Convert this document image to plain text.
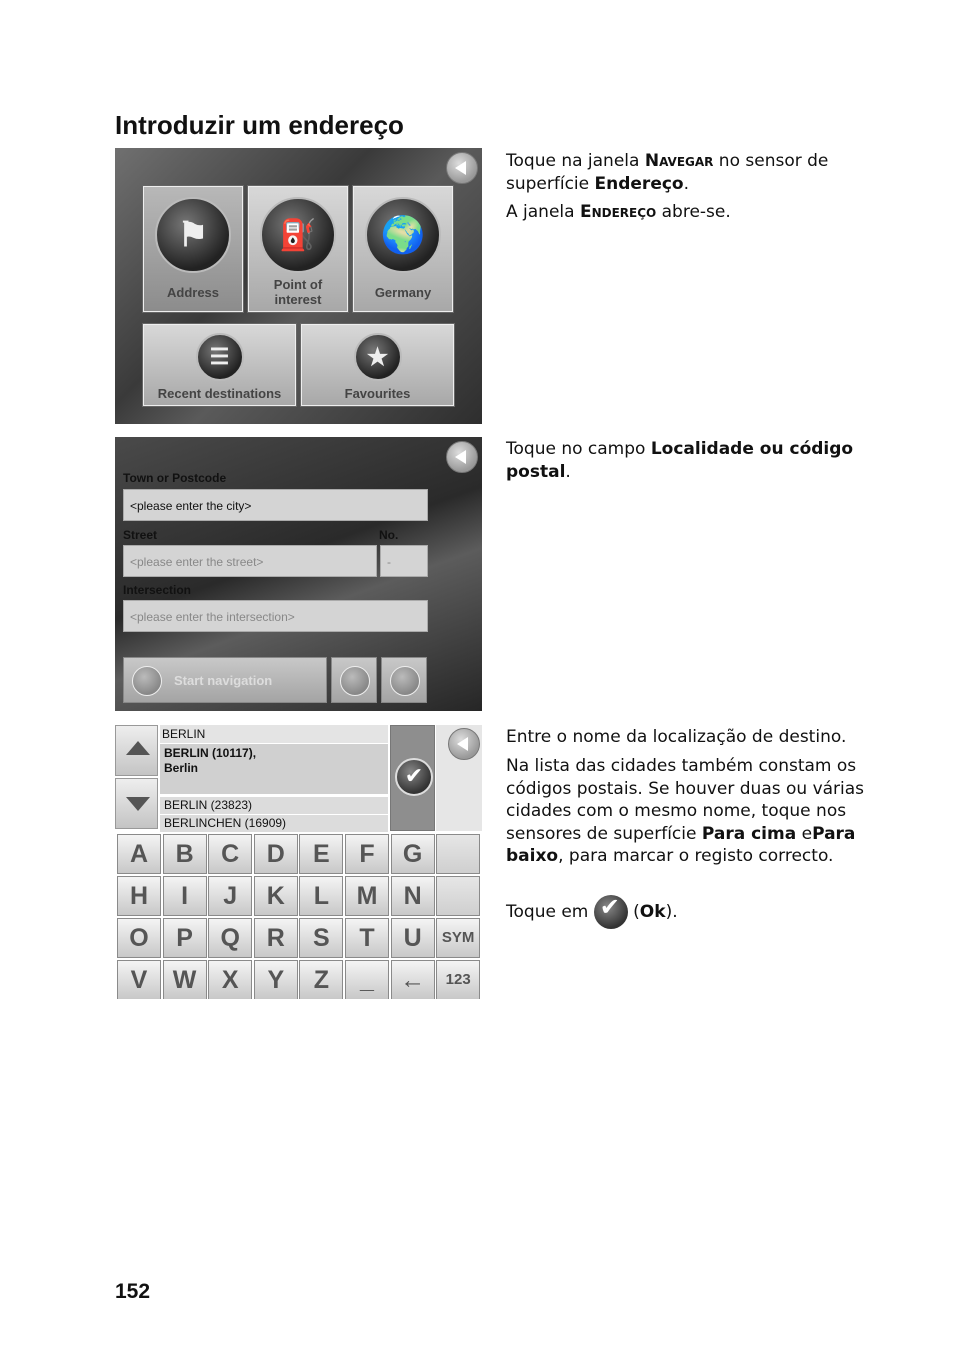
Introduzir um endereço
⚑
Address
⛽
Point of interest
🌍
Germany
☰
Recent destinations
★
Favourites

Toque na janela Navegar no sensor de superfície Endereço.

A janela Endereço abre-se.

Town or Postcode
<please enter the city>
Street	No.
<please enter the street>	-
Intersection
<please enter the intersection>
Start navigation

Toque no campo Localidade ou código postal.

BERLIN
BERLIN (10117),
Berlin
BERLIN (23823)
BERLINCHEN (16909)
✔
A	B	C	D	E	F	G
H	I	J	K	L	M	N
O	P	Q	R	S	T	U	SYM
V	W	X	Y	Z	_	←	123

Entre o nome da localização de destino.

Na lista das cidades também constam os códigos postais. Se houver duas ou várias cidades com o mesmo nome, toque nos sensores de superfície Para cima ePara baixo, para marcar o registo correcto.

Toque em ✔ (Ok).

152
